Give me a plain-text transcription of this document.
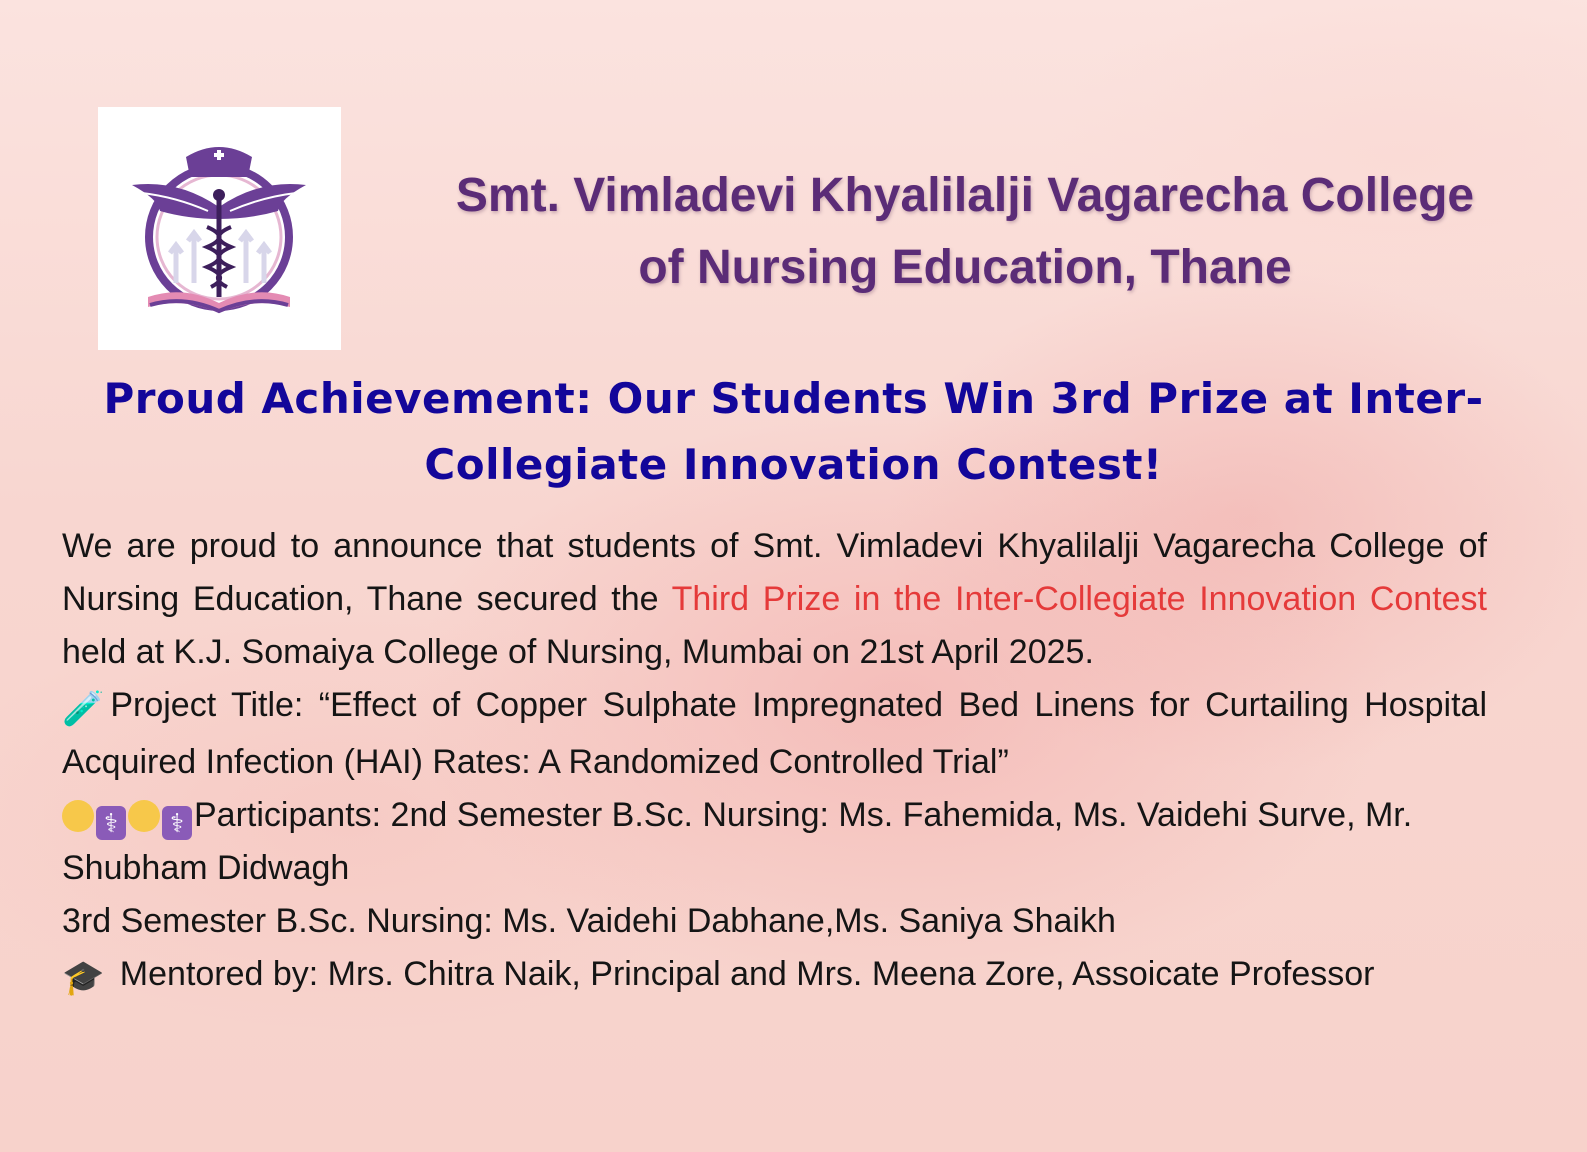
Smt. Vimladevi Khyalilalji Vagarecha College
of Nursing Education, Thane
Proud Achievement: Our Students Win 3rd Prize at Inter-
Collegiate Innovation Contest!

We are proud to announce that students of Smt. Vimladevi Khyalilalji Vagarecha College of Nursing Education, Thane secured the Third Prize in the Inter-Collegiate Innovation Contest held at K.J. Somaiya College of Nursing, Mumbai on 21st April 2025.

🧪 Project Title: “Effect of Copper Sulphate Impregnated Bed Linens for Curtailing Hospital Acquired Infection (HAI) Rates: A Randomized Controlled Trial”

⚕ ⚕ Participants: 2nd Semester B.Sc. Nursing: Ms. Fahemida, Ms. Vaidehi Surve, Mr. Shubham Didwagh

3rd Semester B.Sc. Nursing: Ms. Vaidehi Dabhane,Ms. Saniya Shaikh

🎓 Mentored by: Mrs. Chitra Naik, Principal and Mrs. Meena Zore, Assoicate Professor
